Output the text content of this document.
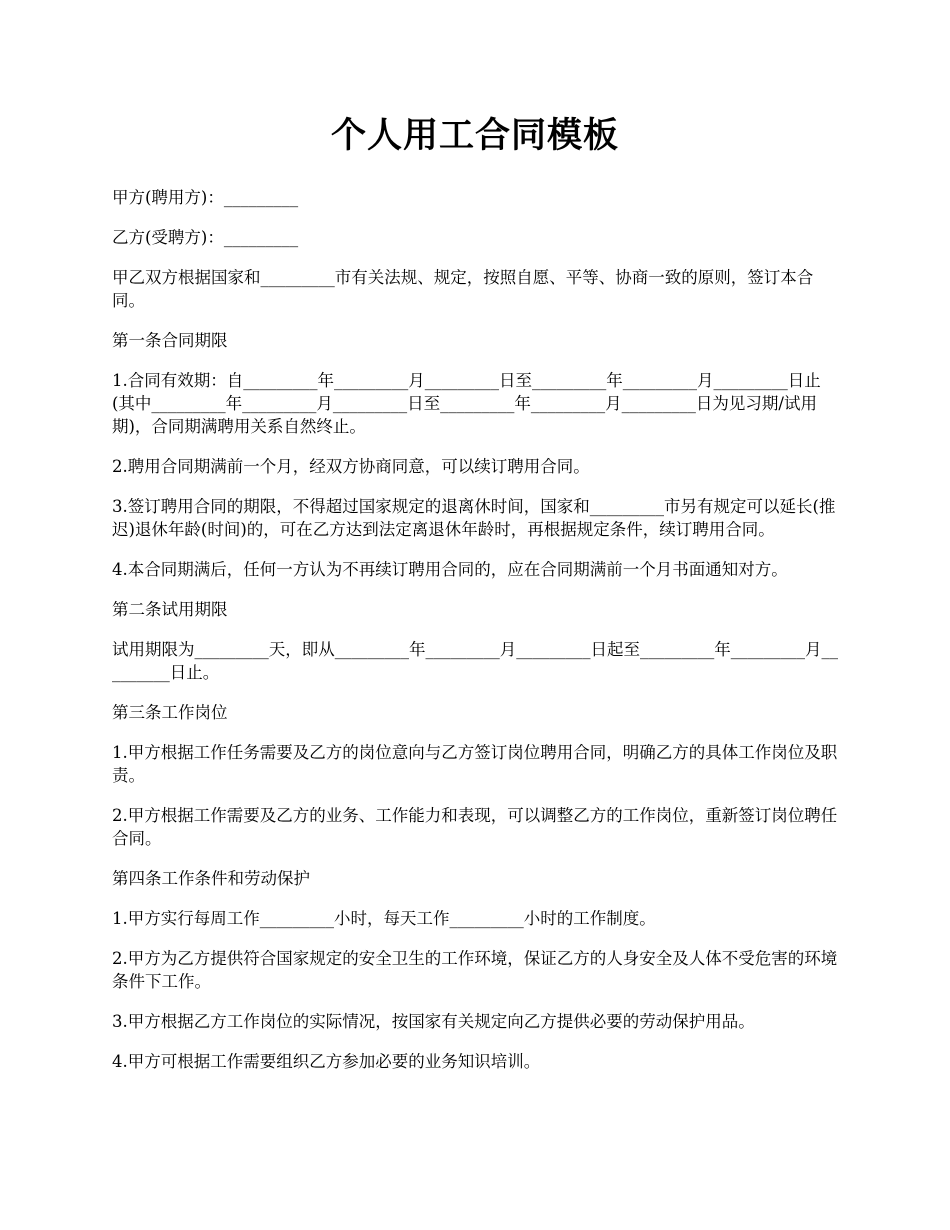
个人用工合同模板

甲方(聘用方)：_________

乙方(受聘方)：_________

甲乙双方根据国家和_________市有关法规、规定，按照自愿、平等、协商一致的原则，签订本合同。

第一条合同期限

1.合同有效期：自_________年_________月_________日至_________年_________月_________日止(其中_________年_________月_________日至_________年_________月_________日为见习期/试用期)，合同期满聘用关系自然终止。

2.聘用合同期满前一个月，经双方协商同意，可以续订聘用合同。

3.签订聘用合同的期限，不得超过国家规定的退离休时间，国家和_________市另有规定可以延长(推迟)退休年龄(时间)的，可在乙方达到法定离退休年龄时，再根据规定条件，续订聘用合同。

4.本合同期满后，任何一方认为不再续订聘用合同的，应在合同期满前一个月书面通知对方。

第二条试用期限

试用期限为_________天，即从_________年_________月_________日起至_________年_________月_________日止。

第三条工作岗位

1.甲方根据工作任务需要及乙方的岗位意向与乙方签订岗位聘用合同，明确乙方的具体工作岗位及职责。

2.甲方根据工作需要及乙方的业务、工作能力和表现，可以调整乙方的工作岗位，重新签订岗位聘任合同。

第四条工作条件和劳动保护

1.甲方实行每周工作_________小时，每天工作_________小时的工作制度。

2.甲方为乙方提供符合国家规定的安全卫生的工作环境，保证乙方的人身安全及人体不受危害的环境条件下工作。

3.甲方根据乙方工作岗位的实际情况，按国家有关规定向乙方提供必要的劳动保护用品。

4.甲方可根据工作需要组织乙方参加必要的业务知识培训。
